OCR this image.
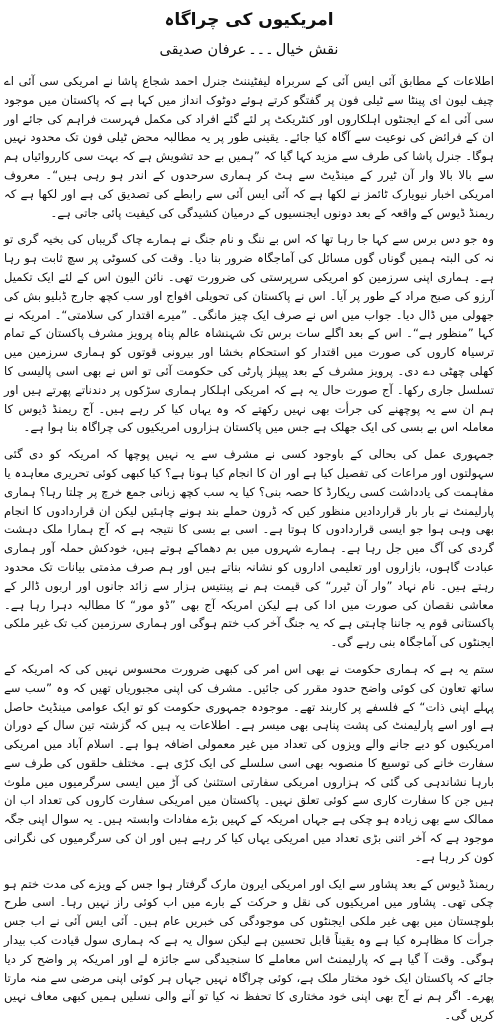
امریکیوں کی چراگاہ
نقش خیال۔۔۔عرفان صدیقی

اطلاعات کے مطابق آئی ایس آئی کے سربراہ لیفٹیننٹ جنرل احمد شجاع پاشا نے امریکی سی آئی اے چیف لیون ای پینٹا سے ٹیلی فون پر گفتگو کرتے ہوئے دوٹوک انداز میں کہا ہے کہ پاکستان میں موجود سی آئی اے کے ایجنٹوں اہلکاروں اور کنٹریکٹ پر لئے گئے افراد کی مکمل فہرست فراہم کی جائے اور ان کے فرائض کی نوعیت سے آگاہ کیا جائے۔ یقینی طور پر یہ مطالبہ محض ٹیلی فون تک محدود نہیں ہوگا۔ جنرل پاشا کی طرف سے مزید کہا گیا کہ ”ہمیں بے حد تشویش ہے کہ بہت سی کارروائیاں ہم سے بالا بالا وار آن ٹیرر کے مینڈیٹ سے ہٹ کر ہماری سرحدوں کے اندر ہو رہی ہیں“۔ معروف امریکی اخبار نیویارک ٹائمز نے لکھا ہے کہ آئی ایس آئی سے رابطے کی تصدیق کی ہے اور لکھا ہے کہ ریمنڈ ڈیوس کے واقعہ کے بعد دونوں ایجنسیوں کے درمیان کشیدگی کی کیفیت پائی جاتی ہے۔

وہ جو دس برس سے کہا جا رہا تھا کہ اس بے ننگ و نام جنگ نے ہمارے چاک گریباں کی بخیہ گری تو نہ کی البتہ ہمیں گوناں گوں مسائل کی آماجگاہ ضرور بنا دیا۔ وقت کی کسوٹی پر سچ ثابت ہو رہا ہے۔ ہماری اپنی سرزمین کو امریکی سرپرستی کی ضرورت تھی۔ نائن الیون اس کے لئے ایک تکمیل آرزو کی صبح مراد کے طور پر آیا۔ اس نے پاکستان کی تحویلی افواج اور سب کچھ جارج ڈبلیو بش کی جھولی میں ڈال دیا۔ جواب میں اس نے صرف ایک چیز مانگی۔ ”میرے اقتدار کی سلامتی“۔ امریکہ نے کہا ”منظور ہے“۔ اس کے بعد اگلے سات برس تک شہنشاہ عالم پناہ پرویز مشرف پاکستان کے تمام ترسیاہ کاروں کی صورت میں اقتدار کو استحکام بخشا اور بیرونی قوتوں کو ہماری سرزمین میں کھلی چھٹی دے دی۔ پرویز مشرف کے بعد پیپلز پارٹی کی حکومت آئی تو اس نے بھی اسی پالیسی کا تسلسل جاری رکھا۔ آج صورت حال یہ ہے کہ امریکی اہلکار ہماری سڑکوں پر دندناتے پھرتے ہیں اور ہم ان سے یہ پوچھنے کی جرأت بھی نہیں رکھتے کہ وہ یہاں کیا کر رہے ہیں۔ آج ریمنڈ ڈیوس کا معاملہ اس بے بسی کی ایک جھلک ہے جس میں پاکستان ہزاروں امریکیوں کی چراگاہ بنا ہوا ہے۔

جمہوری عمل کی بحالی کے باوجود کسی نے مشرف سے یہ نہیں پوچھا کہ امریکہ کو دی گئی سہولتوں اور مراعات کی تفصیل کیا ہے اور ان کا انجام کیا ہونا ہے؟ کیا کبھی کوئی تحریری معاہدہ یا مفاہمت کی یادداشت کسی ریکارڈ کا حصہ بنی؟ کیا یہ سب کچھ زبانی جمع خرچ پر چلتا رہا؟ ہماری پارلیمنٹ نے بار بار قراردادیں منظور کیں کہ ڈرون حملے بند ہونے چاہئیں لیکن ان قراردادوں کا انجام بھی وہی ہوا جو ایسی قراردادوں کا ہوتا ہے۔ اسی بے بسی کا نتیجہ ہے کہ آج ہمارا ملک دہشت گردی کی آگ میں جل رہا ہے۔ ہمارے شہروں میں بم دھماکے ہوتے ہیں، خودکش حملہ آور ہماری عبادت گاہوں، بازاروں اور تعلیمی اداروں کو نشانہ بناتے ہیں اور ہم صرف مذمتی بیانات تک محدود رہتے ہیں۔ نام نہاد ”وار آن ٹیرر“ کی قیمت ہم نے پینتیس ہزار سے زائد جانوں اور اربوں ڈالر کے معاشی نقصان کی صورت میں ادا کی ہے لیکن امریکہ آج بھی ”ڈو مور“ کا مطالبہ دہرا رہا ہے۔ پاکستانی قوم یہ جاننا چاہتی ہے کہ یہ جنگ آخر کب ختم ہوگی اور ہماری سرزمین کب تک غیر ملکی ایجنٹوں کی آماجگاہ بنی رہے گی۔

ستم یہ ہے کہ ہماری حکومت نے بھی اس امر کی کبھی ضرورت محسوس نہیں کی کہ امریکہ کے ساتھ تعاون کی کوئی واضح حدود مقرر کی جائیں۔ مشرف کی اپنی مجبوریاں تھیں کہ وہ ”سب سے پہلے اپنی ذات“ کے فلسفے پر کاربند تھے۔ موجودہ جمہوری حکومت کو تو ایک عوامی مینڈیٹ حاصل ہے اور اسے پارلیمنٹ کی پشت پناہی بھی میسر ہے۔ اطلاعات یہ ہیں کہ گزشتہ تین سال کے دوران امریکیوں کو دیے جانے والے ویزوں کی تعداد میں غیر معمولی اضافہ ہوا ہے۔ اسلام آباد میں امریکی سفارت خانے کی توسیع کا منصوبہ بھی اسی سلسلے کی ایک کڑی ہے۔ مختلف حلقوں کی طرف سے بارہا نشاندہی کی گئی کہ ہزاروں امریکی سفارتی استثنیٰ کی آڑ میں ایسی سرگرمیوں میں ملوث ہیں جن کا سفارت کاری سے کوئی تعلق نہیں۔ پاکستان میں امریکی سفارت کاروں کی تعداد اب ان ممالک سے بھی زیادہ ہو چکی ہے جہاں امریکہ کے کہیں بڑے مفادات وابستہ ہیں۔ یہ سوال اپنی جگہ موجود ہے کہ آخر اتنی بڑی تعداد میں امریکی یہاں کیا کر رہے ہیں اور ان کی سرگرمیوں کی نگرانی کون کر رہا ہے۔

ریمنڈ ڈیوس کے بعد پشاور سے ایک اور امریکی ایرون مارک گرفتار ہوا جس کے ویزے کی مدت ختم ہو چکی تھی۔ پشاور میں امریکیوں کی نقل و حرکت کے بارے میں اب کوئی راز نہیں رہا۔ اسی طرح بلوچستان میں بھی غیر ملکی ایجنٹوں کی موجودگی کی خبریں عام ہیں۔ آئی ایس آئی نے اب جس جرأت کا مظاہرہ کیا ہے وہ یقیناً قابل تحسین ہے لیکن سوال یہ ہے کہ ہماری سول قیادت کب بیدار ہوگی۔ وقت آ گیا ہے کہ پارلیمنٹ اس معاملے کا سنجیدگی سے جائزہ لے اور امریکہ پر واضح کر دیا جائے کہ پاکستان ایک خود مختار ملک ہے، کوئی چراگاہ نہیں جہاں ہر کوئی اپنی مرضی سے منہ مارتا پھرے۔ اگر ہم نے آج بھی اپنی خود مختاری کا تحفظ نہ کیا تو آنے والی نسلیں ہمیں کبھی معاف نہیں کریں گی۔
